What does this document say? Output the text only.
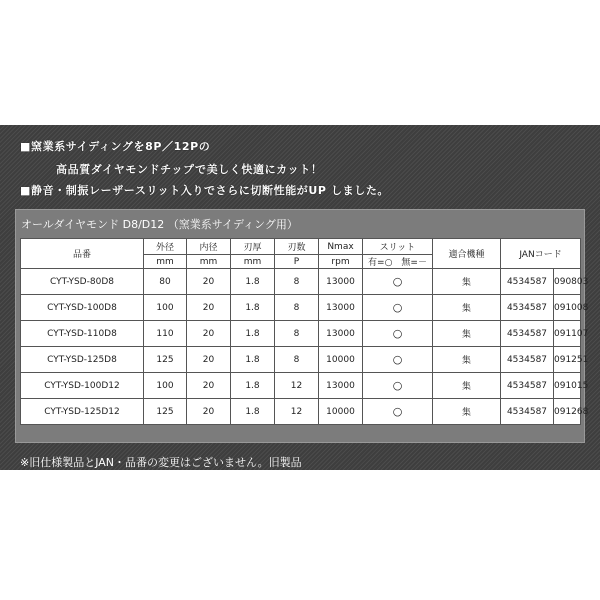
■窯業系サイディングを8P／12Pの
高品質ダイヤモンドチップで美しく快適にカット！
■静音・制振レーザースリット入りでさらに切断性能がUP しました。
オールダイヤモンド D8/D12 （窯業系サイディング用）
品番	外径	内径	刃厚	刃数	Nmax	スリット	適合機種	JANコード	
	mm	mm	mm	P	rpm	有=○　無=－			
CYT-YSD-80D8	80	20	1.8	8	13000	○	集	4534587	090803
CYT-YSD-100D8	100	20	1.8	8	13000	○	集	4534587	091008
CYT-YSD-110D8	110	20	1.8	8	13000	○	集	4534587	091107
CYT-YSD-125D8	125	20	1.8	8	10000	○	集	4534587	091251
CYT-YSD-100D12	100	20	1.8	12	13000	○	集	4534587	091015
CYT-YSD-125D12	125	20	1.8	12	10000	○	集	4534587	091268
※旧仕様製品とJAN・品番の変更はございません。旧製品
